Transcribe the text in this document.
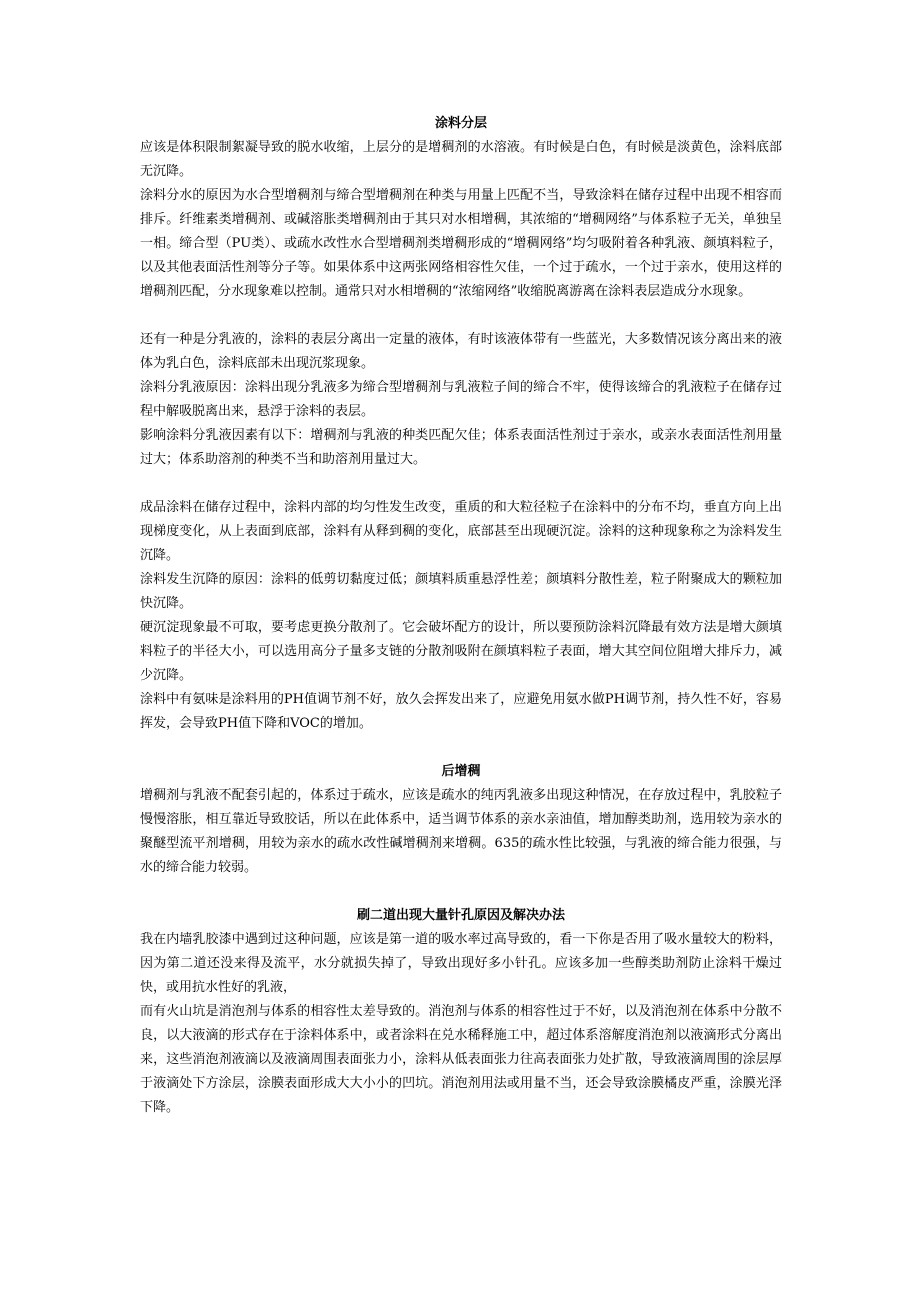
涂料分层

应该是体积限制絮凝导致的脱水收缩，上层分的是增稠剂的水溶液。有时候是白色，有时候是淡黄色，涂料底部无沉降。

涂料分水的原因为水合型增稠剂与缔合型增稠剂在种类与用量上匹配不当，导致涂料在储存过程中出现不相容而排斥。纤维素类增稠剂、或碱溶胀类增稠剂由于其只对水相增稠，其浓缩的“增稠网络”与体系粒子无关，单独呈一相。缔合型（PU类）、或疏水改性水合型增稠剂类增稠形成的“增稠网络”均匀吸附着各种乳液、颜填料粒子，以及其他表面活性剂等分子等。如果体系中这两张网络相容性欠佳，一个过于疏水，一个过于亲水，使用这样的增稠剂匹配，分水现象难以控制。通常只对水相增稠的“浓缩网络”收缩脱离游离在涂料表层造成分水现象。

还有一种是分乳液的，涂料的表层分离出一定量的液体，有时该液体带有一些蓝光，大多数情况该分离出来的液体为乳白色，涂料底部未出现沉浆现象。

涂料分乳液原因：涂料出现分乳液多为缔合型增稠剂与乳液粒子间的缔合不牢，使得该缔合的乳液粒子在储存过程中解吸脱离出来，悬浮于涂料的表层。

影响涂料分乳液因素有以下：增稠剂与乳液的种类匹配欠佳；体系表面活性剂过于亲水，或亲水表面活性剂用量过大；体系助溶剂的种类不当和助溶剂用量过大。

成品涂料在储存过程中，涂料内部的均匀性发生改变，重质的和大粒径粒子在涂料中的分布不均，垂直方向上出现梯度变化，从上表面到底部，涂料有从释到稠的变化，底部甚至出现硬沉淀。涂料的这种现象称之为涂料发生沉降。

涂料发生沉降的原因：涂料的低剪切黏度过低；颜填料质重悬浮性差；颜填料分散性差，粒子附聚成大的颗粒加快沉降。

硬沉淀现象最不可取，要考虑更换分散剂了。它会破坏配方的设计，所以要预防涂料沉降最有效方法是增大颜填料粒子的半径大小，可以选用高分子量多支链的分散剂吸附在颜填料粒子表面，增大其空间位阻增大排斥力，减少沉降。

涂料中有氨味是涂料用的PH值调节剂不好，放久会挥发出来了，应避免用氨水做PH调节剂，持久性不好，容易挥发，会导致PH值下降和VOC的增加。

后增稠

增稠剂与乳液不配套引起的，体系过于疏水，应该是疏水的纯丙乳液多出现这种情况，在存放过程中，乳胶粒子慢慢溶胀，相互靠近导致胶话，所以在此体系中，适当调节体系的亲水亲油值，增加醇类助剂，选用较为亲水的聚醚型流平剂增稠，用较为亲水的疏水改性碱增稠剂来增稠。635的疏水性比较强，与乳液的缔合能力很强，与水的缔合能力较弱。

刷二道出现大量针孔原因及解决办法

我在内墙乳胶漆中遇到过这种问题，应该是第一道的吸水率过高导致的，看一下你是否用了吸水量较大的粉料，因为第二道还没来得及流平，水分就损失掉了，导致出现好多小针孔。应该多加一些醇类助剂防止涂料干燥过快，或用抗水性好的乳液，

而有火山坑是消泡剂与体系的相容性太差导致的。消泡剂与体系的相容性过于不好，以及消泡剂在体系中分散不良，以大液滴的形式存在于涂料体系中，或者涂料在兑水稀释施工中，超过体系溶解度消泡剂以液滴形式分离出来，这些消泡剂液滴以及液滴周围表面张力小，涂料从低表面张力往高表面张力处扩散，导致液滴周围的涂层厚于液滴处下方涂层，涂膜表面形成大大小小的凹坑。消泡剂用法或用量不当，还会导致涂膜橘皮严重，涂膜光泽下降。
